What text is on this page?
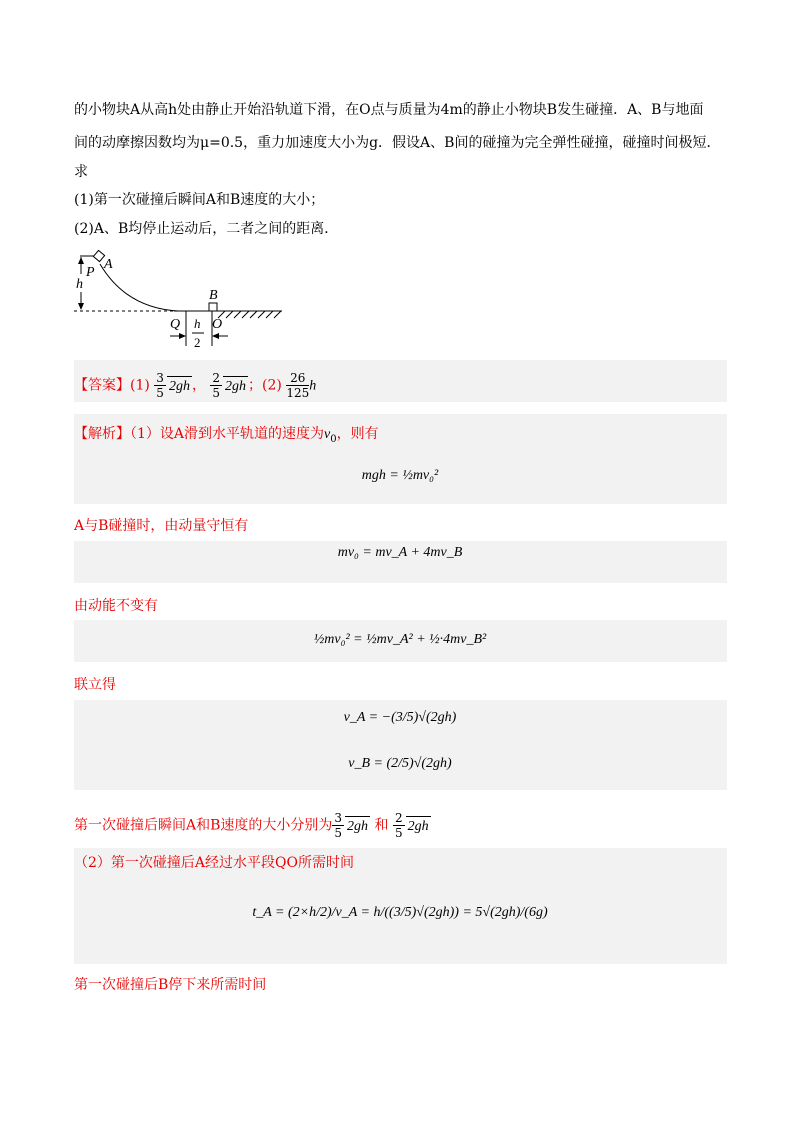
的小物块A从高h处由静止开始沿轨道下滑，在O点与质量为4m的静止小物块B发生碰撞．A、B与地面
间的动摩擦因数均为μ=0.5，重力加速度大小为g．假设A、B间的碰撞为完全弹性碰撞，碰撞时间极短．
求
(1)第一次碰撞后瞬间A和B速度的大小；
(2)A、B均停止运动后，二者之间的距离．
P
A
h
B
Q O
h
2
【答案】$(1) \frac{3}{5} 2gh$ ， $\frac{2}{5} 2gh$ ；$(2) \frac{26}{125}$ h
【解析】（1）设A滑到水平轨道的速度为$v_0$，则有
mgh = ½mv₀²
A与B碰撞时，由动量守恒有
mv₀ = mv_A + 4mv_B
由动能不变有
½mv₀² = ½mv_A² + ½·4mv_B²
联立得
v_A = −(3/5)√(2gh)
v_B = (2/5)√(2gh)
第一次碰撞后瞬间A和B速度的大小分别为 $\frac{3}{5} 2gh$ 和 $\frac{2}{5} 2gh$
（2）第一次碰撞后A经过水平段QO所需时间
t_A = (2×h/2)/v_A = h/((3/5)√(2gh)) = 5√(2gh)/(6g)
第一次碰撞后B停下来所需时间
